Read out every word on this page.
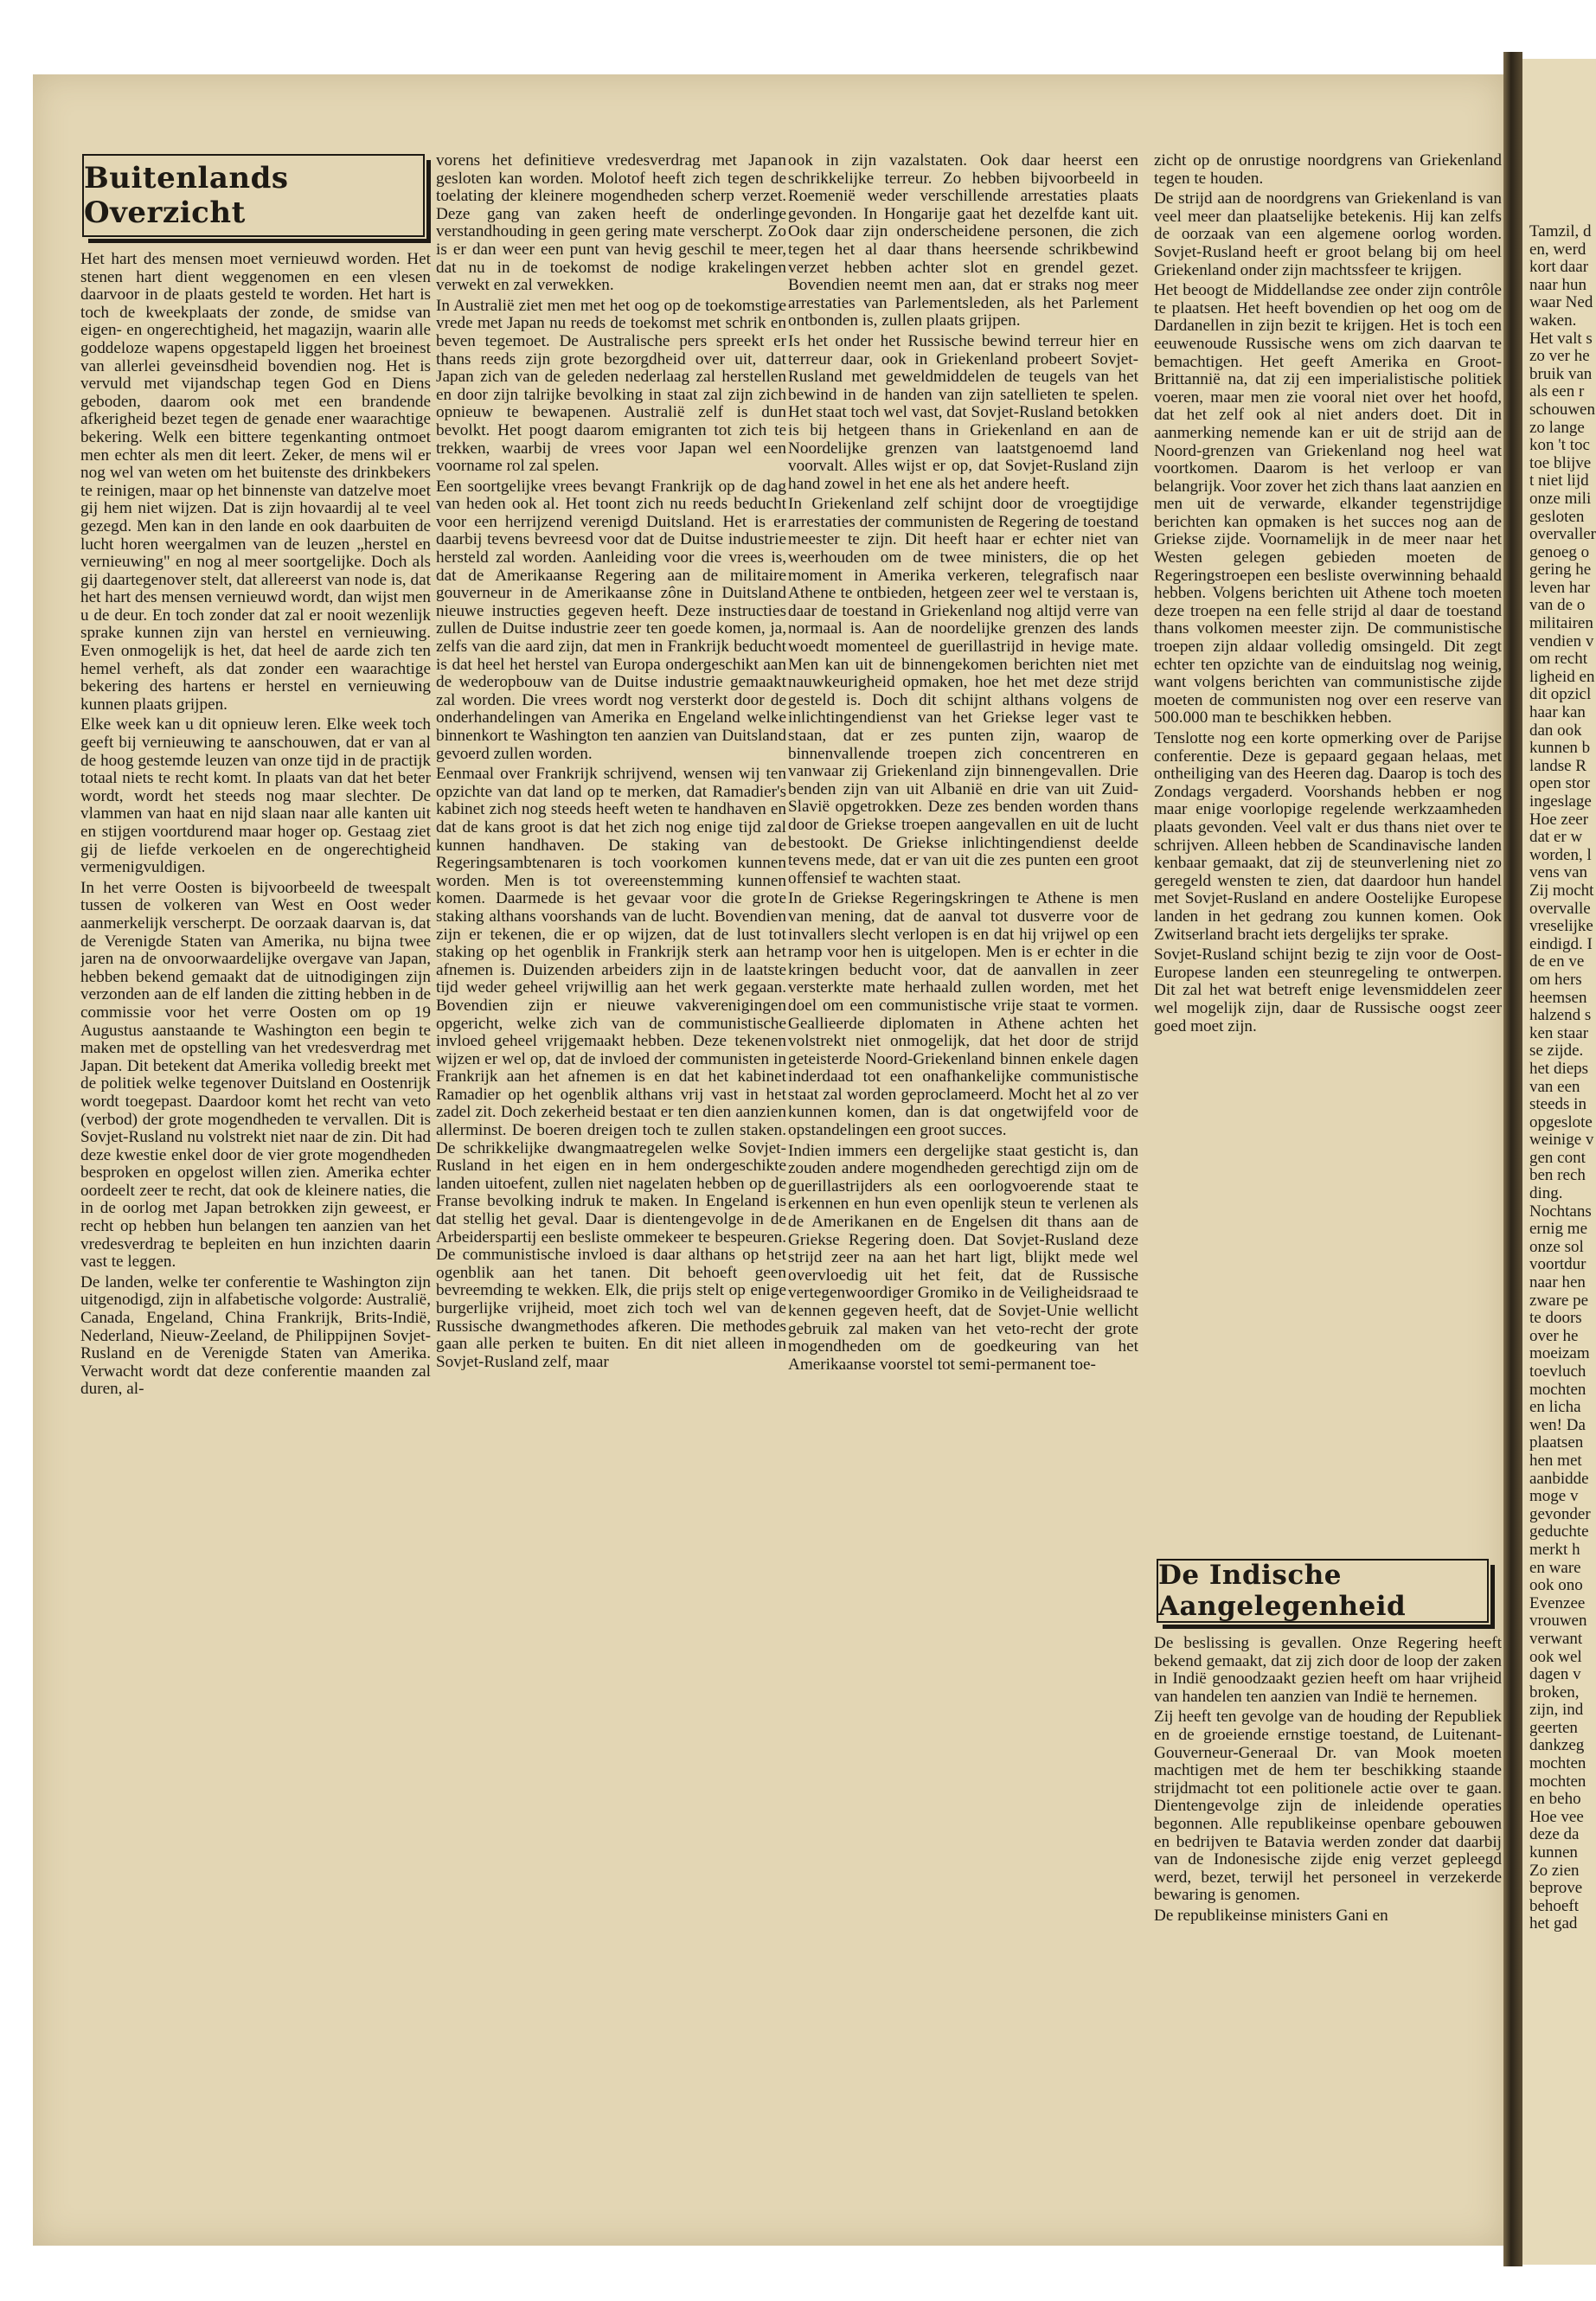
Buitenlands Overzicht

Het hart des mensen moet vernieuwd worden. Het stenen hart dient weggenomen en een vlesen daarvoor in de plaats gesteld te worden. Het hart is toch de kweekplaats der zonde, de smidse van eigen- en ongerechtigheid, het magazijn, waarin alle goddeloze wapens opgestapeld liggen het broeinest van allerlei geveinsdheid bovendien nog. Het is vervuld met vijandschap tegen God en Diens geboden, daarom ook met een brandende afkerigheid bezet tegen de genade ener waarachtige bekering. Welk een bittere tegenkanting ontmoet men echter als men dit leert. Zeker, de mens wil er nog wel van weten om het buitenste des drinkbekers te reinigen, maar op het binnenste van datzelve moet gij hem niet wijzen. Dat is zijn hovaardij al te veel gezegd. Men kan in den lande en ook daarbuiten de lucht horen weergalmen van de leuzen „herstel en vernieuwing" en nog al meer soortgelijke. Doch als gij daartegenover stelt, dat allereerst van node is, dat het hart des mensen vernieuwd wordt, dan wijst men u de deur. En toch zonder dat zal er nooit wezenlijk sprake kunnen zijn van herstel en vernieuwing. Even onmogelijk is het, dat heel de aarde zich ten hemel verheft, als dat zonder een waarachtige bekering des hartens er herstel en vernieuwing kunnen plaats grijpen.

Elke week kan u dit opnieuw leren. Elke week toch geeft bij vernieuwing te aanschouwen, dat er van al de hoog gestemde leuzen van onze tijd in de practijk totaal niets te recht komt. In plaats van dat het beter wordt, wordt het steeds nog maar slechter. De vlammen van haat en nijd slaan naar alle kanten uit en stijgen voortdurend maar hoger op. Gestaag ziet gij de liefde verkoelen en de ongerechtigheid vermenigvuldigen.

In het verre Oosten is bijvoorbeeld de tweespalt tussen de volkeren van West en Oost weder aanmerkelijk verscherpt. De oorzaak daarvan is, dat de Verenigde Staten van Amerika, nu bijna twee jaren na de onvoorwaardelijke overgave van Japan, hebben bekend gemaakt dat de uitnodigingen zijn verzonden aan de elf landen die zitting hebben in de commissie voor het verre Oosten om op 19 Augustus aanstaande te Washington een begin te maken met de opstelling van het vredesverdrag met Japan. Dit betekent dat Amerika volledig breekt met de politiek welke tegenover Duitsland en Oostenrijk wordt toegepast. Daardoor komt het recht van veto (verbod) der grote mogendheden te vervallen. Dit is Sovjet-Rusland nu volstrekt niet naar de zin. Dit had deze kwestie enkel door de vier grote mogendheden besproken en opgelost willen zien. Amerika echter oordeelt zeer te recht, dat ook de kleinere naties, die in de oorlog met Japan betrokken zijn geweest, er recht op hebben hun belangen ten aanzien van het vredesverdrag te bepleiten en hun inzichten daarin vast te leggen.

De landen, welke ter conferentie te Washington zijn uitgenodigd, zijn in alfabetische volgorde: Australië, Canada, Engeland, China Frankrijk, Brits-Indië, Nederland, Nieuw-Zeeland, de Philippijnen Sovjet-Rusland en de Verenigde Staten van Amerika. Verwacht wordt dat deze conferentie maanden zal duren, al-

vorens het definitieve vredesverdrag met Japan gesloten kan worden. Molotof heeft zich tegen de toelating der kleinere mogendheden scherp verzet. Deze gang van zaken heeft de onderlinge verstandhouding in geen gering mate verscherpt. Zo is er dan weer een punt van hevig geschil te meer, dat nu in de toekomst de nodige krakelingen verwekt en zal verwekken.

In Australië ziet men met het oog op de toekomstige vrede met Japan nu reeds de toekomst met schrik en beven tegemoet. De Australische pers spreekt er thans reeds zijn grote bezorgdheid over uit, dat Japan zich van de geleden nederlaag zal herstellen en door zijn talrijke bevolking in staat zal zijn zich opnieuw te bewapenen. Australië zelf is dun bevolkt. Het poogt daarom emigranten tot zich te trekken, waarbij de vrees voor Japan wel een voorname rol zal spelen.

Een soortgelijke vrees bevangt Frankrijk op de dag van heden ook al. Het toont zich nu reeds beducht voor een herrijzend verenigd Duitsland. Het is er daarbij tevens bevreesd voor dat de Duitse industrie hersteld zal worden. Aanleiding voor die vrees is, dat de Amerikaanse Regering aan de militaire gouverneur in de Amerikaanse zône in Duitsland nieuwe instructies gegeven heeft. Deze instructies zullen de Duitse industrie zeer ten goede komen, ja, zelfs van die aard zijn, dat men in Frankrijk beducht is dat heel het herstel van Europa ondergeschikt aan de wederopbouw van de Duitse industrie gemaakt zal worden. Die vrees wordt nog versterkt door de onderhandelingen van Amerika en Engeland welke binnenkort te Washington ten aanzien van Duitsland gevoerd zullen worden.

Eenmaal over Frankrijk schrijvend, wensen wij ten opzichte van dat land op te merken, dat Ramadier's kabinet zich nog steeds heeft weten te handhaven en dat de kans groot is dat het zich nog enige tijd zal kunnen handhaven. De staking van de Regeringsambtenaren is toch voorkomen kunnen worden. Men is tot overeenstemming kunnen komen. Daarmede is het gevaar voor die grote staking althans voorshands van de lucht. Bovendien zijn er tekenen, die er op wijzen, dat de lust tot staking op het ogenblik in Frankrijk sterk aan het afnemen is. Duizenden arbeiders zijn in de laatste tijd weder geheel vrijwillig aan het werk gegaan. Bovendien zijn er nieuwe vakverenigingen opgericht, welke zich van de communistische invloed geheel vrijgemaakt hebben. Deze tekenen wijzen er wel op, dat de invloed der communisten in Frankrijk aan het afnemen is en dat het kabinet Ramadier op het ogenblik althans vrij vast in het zadel zit. Doch zekerheid bestaat er ten dien aanzien allerminst. De boeren dreigen toch te zullen staken. De schrikkelijke dwangmaatregelen welke Sovjet-Rusland in het eigen en in hem ondergeschikte landen uitoefent, zullen niet nagelaten hebben op de Franse bevolking indruk te maken. In Engeland is dat stellig het geval. Daar is dientengevolge in de Arbeiderspartij een besliste ommekeer te bespeuren. De communistische invloed is daar althans op het ogenblik aan het tanen. Dit behoeft geen bevreemding te wekken. Elk, die prijs stelt op enige burgerlijke vrijheid, moet zich toch wel van de Russische dwangmethodes afkeren. Die methodes gaan alle perken te buiten. En dit niet alleen in Sovjet-Rusland zelf, maar

ook in zijn vazalstaten. Ook daar heerst een schrikkelijke terreur. Zo hebben bijvoorbeeld in Roemenië weder verschillende arrestaties plaats gevonden. In Hongarije gaat het dezelfde kant uit. Ook daar zijn onderscheidene personen, die zich tegen het al daar thans heersende schrikbewind verzet hebben achter slot en grendel gezet. Bovendien neemt men aan, dat er straks nog meer arrestaties van Parlementsleden, als het Parlement ontbonden is, zullen plaats grijpen.

Is het onder het Russische bewind terreur hier en terreur daar, ook in Griekenland probeert Sovjet-Rusland met geweldmiddelen de teugels van het bewind in de handen van zijn satellieten te spelen. Het staat toch wel vast, dat Sovjet-Rusland betokken is bij hetgeen thans in Griekenland en aan de Noordelijke grenzen van laatstgenoemd land voorvalt. Alles wijst er op, dat Sovjet-Rusland zijn hand zowel in het ene als het andere heeft.

In Griekenland zelf schijnt door de vroegtijdige arrestaties der communisten de Regering de toestand meester te zijn. Dit heeft haar er echter niet van weerhouden om de twee ministers, die op het moment in Amerika verkeren, telegrafisch naar Athene te ontbieden, hetgeen zeer wel te verstaan is, daar de toestand in Griekenland nog altijd verre van normaal is. Aan de noordelijke grenzen des lands woedt momenteel de guerillastrijd in hevige mate. Men kan uit de binnengekomen berichten niet met nauwkeurigheid opmaken, hoe het met deze strijd gesteld is. Doch dit schijnt althans volgens de inlichtingendienst van het Griekse leger vast te staan, dat er zes punten zijn, waarop de binnenvallende troepen zich concentreren en vanwaar zij Griekenland zijn binnengevallen. Drie benden zijn van uit Albanië en drie van uit Zuid-Slavië opgetrokken. Deze zes benden worden thans door de Griekse troepen aangevallen en uit de lucht bestookt. De Griekse inlichtingendienst deelde tevens mede, dat er van uit die zes punten een groot offensief te wachten staat.

In de Griekse Regeringskringen te Athene is men van mening, dat de aanval tot dusverre voor de invallers slecht verlopen is en dat hij vrijwel op een ramp voor hen is uitgelopen. Men is er echter in die kringen beducht voor, dat de aanvallen in zeer versterkte mate herhaald zullen worden, met het doel om een communistische vrije staat te vormen. Geallieerde diplomaten in Athene achten het volstrekt niet onmogelijk, dat het door de strijd geteisterde Noord-Griekenland binnen enkele dagen inderdaad tot een onafhankelijke communistische staat zal worden geproclameerd. Mocht het al zo ver kunnen komen, dan is dat ongetwijfeld voor de opstandelingen een groot succes.

Indien immers een dergelijke staat gesticht is, dan zouden andere mogendheden gerechtigd zijn om de guerillastrijders als een oorlogvoerende staat te erkennen en hun even openlijk steun te verlenen als de Amerikanen en de Engelsen dit thans aan de Griekse Regering doen. Dat Sovjet-Rusland deze strijd zeer na aan het hart ligt, blijkt mede wel overvloedig uit het feit, dat de Russische vertegenwoordiger Gromiko in de Veiligheidsraad te kennen gegeven heeft, dat de Sovjet-Unie wellicht gebruik zal maken van het veto-recht der grote mogendheden om de goedkeuring van het Amerikaanse voorstel tot semi-permanent toe-

zicht op de onrustige noordgrens van Griekenland tegen te houden.

De strijd aan de noordgrens van Griekenland is van veel meer dan plaatselijke betekenis. Hij kan zelfs de oorzaak van een algemene oorlog worden. Sovjet-Rusland heeft er groot belang bij om heel Griekenland onder zijn machtssfeer te krijgen.

Het beoogt de Middellandse zee onder zijn contrôle te plaatsen. Het heeft bovendien op het oog om de Dardanellen in zijn bezit te krijgen. Het is toch een eeuwenoude Russische wens om zich daarvan te bemachtigen. Het geeft Amerika en Groot-Brittannië na, dat zij een imperialistische politiek voeren, maar men zie vooral niet over het hoofd, dat het zelf ook al niet anders doet. Dit in aanmerking nemende kan er uit de strijd aan de Noord-grenzen van Griekenland nog heel wat voortkomen. Daarom is het verloop er van belangrijk. Voor zover het zich thans laat aanzien en men uit de verwarde, elkander tegenstrijdige berichten kan opmaken is het succes nog aan de Griekse zijde. Voornamelijk in de meer naar het Westen gelegen gebieden moeten de Regeringstroepen een besliste overwinning behaald hebben. Volgens berichten uit Athene toch moeten deze troepen na een felle strijd al daar de toestand thans volkomen meester zijn. De communistische troepen zijn aldaar volledig omsingeld. Dit zegt echter ten opzichte van de einduitslag nog weinig, want volgens berichten van communistische zijde moeten de communisten nog over een reserve van 500.000 man te beschikken hebben.

Tenslotte nog een korte opmerking over de Parijse conferentie. Deze is gepaard gegaan helaas, met ontheiliging van des Heeren dag. Daarop is toch des Zondags vergaderd. Voorshands hebben er nog maar enige voorlopige regelende werkzaamheden plaats gevonden. Veel valt er dus thans niet over te schrijven. Alleen hebben de Scandinavische landen kenbaar gemaakt, dat zij de steunverlening niet zo geregeld wensten te zien, dat daardoor hun handel met Sovjet-Rusland en andere Oostelijke Europese landen in het gedrang zou kunnen komen. Ook Zwitserland bracht iets dergelijks ter sprake.

Sovjet-Rusland schijnt bezig te zijn voor de Oost-Europese landen een steunregeling te ontwerpen. Dit zal het wat betreft enige levensmiddelen zeer wel mogelijk zijn, daar de Russische oogst zeer goed moet zijn.

De Indische Aangelegenheid

De beslissing is gevallen. Onze Regering heeft bekend gemaakt, dat zij zich door de loop der zaken in Indië genoodzaakt gezien heeft om haar vrijheid van handelen ten aanzien van Indië te hernemen.

Zij heeft ten gevolge van de houding der Republiek en de groeiende ernstige toestand, de Luitenant-Gouverneur-Generaal Dr. van Mook moeten machtigen met de hem ter beschikking staande strijdmacht tot een politionele actie over te gaan. Dientengevolge zijn de inleidende operaties begonnen. Alle republikeinse openbare gebouwen en bedrijven te Batavia werden zonder dat daarbij van de Indonesische zijde enig verzet gepleegd werd, bezet, terwijl het personeel in verzekerde bewaring is genomen.

De republikeinse ministers Gani en

Tamzil, d
en, werd
kort daar
naar hun
waar Ned
waken.
Het valt s
zo ver he
bruik van
als een r
schouwen
zo lange
kon 't toc
toe blijve
t niet lijd
onze mili
gesloten
overvaller
genoeg o
gering he
leven har
van de o
militairen
vendien v
om recht
ligheid en
dit opzicl
haar kan
dan ook
kunnen b
landse R
open stor
ingeslage
Hoe zeer
dat er w
worden, l
vens van
Zij mocht
overvalle
vreselijke
eindigd. I
de en ve
om hers
heemsen
halzend s
ken staar
se zijde.
het dieps
van een
steeds in
opgeslote
weinige v
gen cont
ben rech
ding.
Nochtans
ernig me
onze sol
voortdur
naar hen
zware pe
te doors
over he
moeizam
toevluch
mochten
en licha
wen! Da
plaatsen
hen met
aanbidde
moge v
gevonder
geduchte
merkt h
en ware
ook ono
Evenzee
vrouwen
verwant
ook wel
dagen v
broken,
zijn, ind
geerten
dankzeg
mochten
mochten
en beho
Hoe vee
deze da
kunnen
Zo zien
beprove
behoeft
het gad
